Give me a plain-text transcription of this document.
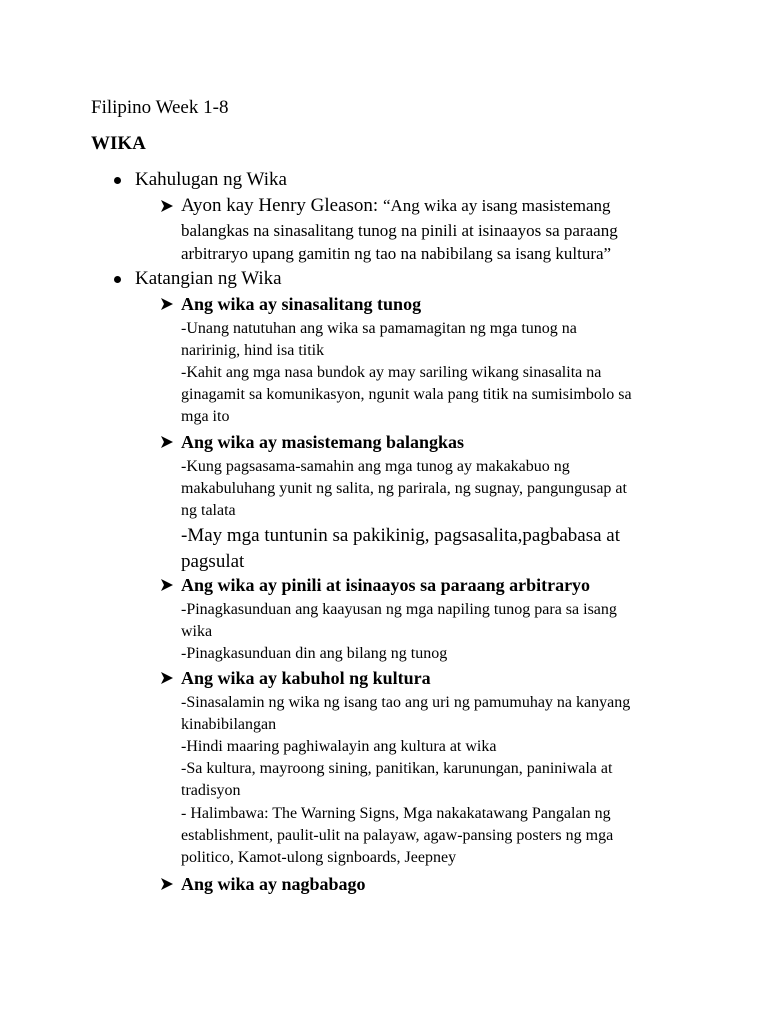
Filipino Week 1-8
WIKA
Kahulugan ng Wika
Ayon kay Henry Gleason: “Ang wika ay isang masistemang
balangkas na sinasalitang tunog na pinili at isinaayos sa paraang
arbitraryo upang gamitin ng tao na nabibilang sa isang kultura”
Katangian ng Wika
Ang wika ay sinasalitang tunog
-Unang natutuhan ang wika sa pamamagitan ng mga tunog na
naririnig, hind isa titik
-Kahit ang mga nasa bundok ay may sariling wikang sinasalita na
ginagamit sa komunikasyon, ngunit wala pang titik na sumisimbolo sa
mga ito
Ang wika ay masistemang balangkas
-Kung pagsasama-samahin ang mga tunog ay makakabuo ng
makabuluhang yunit ng salita, ng parirala, ng sugnay, pangungusap at
ng talata
-May mga tuntunin sa pakikinig, pagsasalita,pagbabasa at
pagsulat
Ang wika ay pinili at isinaayos sa paraang arbitraryo
-Pinagkasunduan ang kaayusan ng mga napiling tunog para sa isang
wika
-Pinagkasunduan din ang bilang ng tunog
Ang wika ay kabuhol ng kultura
-Sinasalamin ng wika ng isang tao ang uri ng pamumuhay na kanyang
kinabibilangan
-Hindi maaring paghiwalayin ang kultura at wika
-Sa kultura, mayroong sining, panitikan, karunungan, paniniwala at
tradisyon
- Halimbawa: The Warning Signs, Mga nakakatawang Pangalan ng
establishment, paulit-ulit na palayaw, agaw-pansing posters ng mga
politico, Kamot-ulong signboards, Jeepney
Ang wika ay nagbabago
